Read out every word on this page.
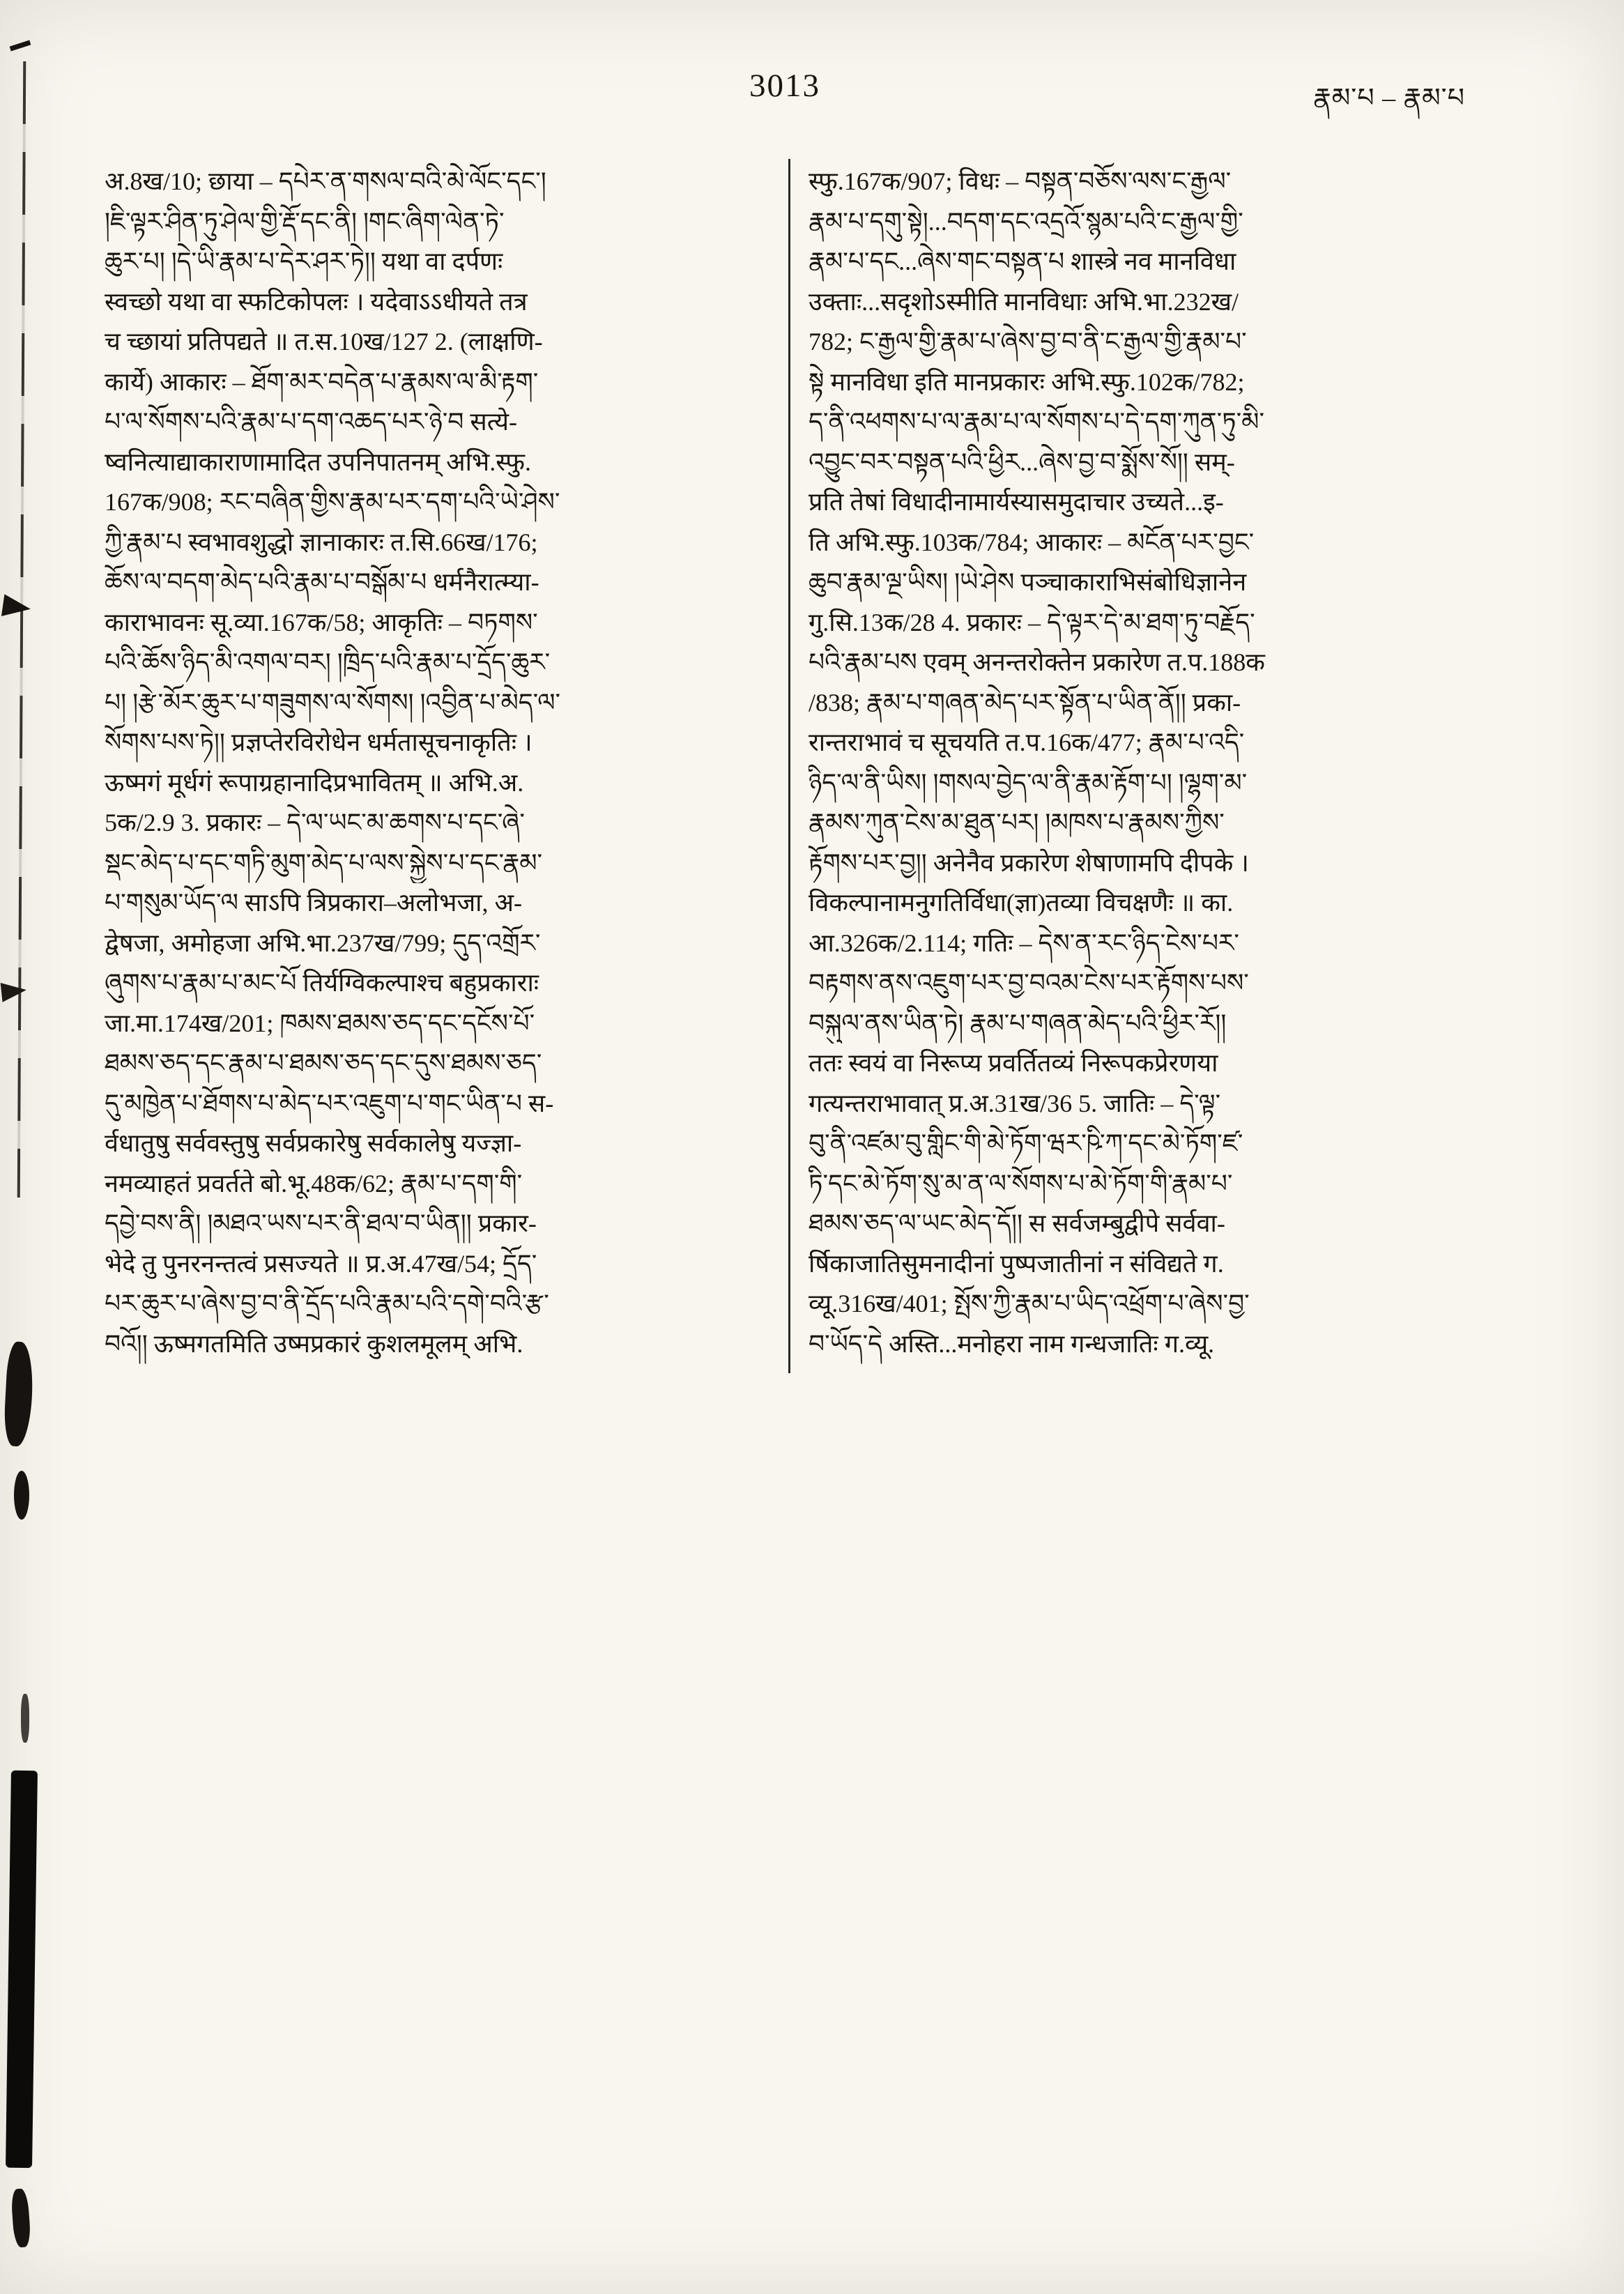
3013	རྣམ་པ – རྣམ་པ
अ.8ख/10; छाया – དཔེར་ན་གསལ་བའི་མེ་ལོང་དང་།
།ཇི་ལྟར་ཤིན་ཏུ་ཤེལ་གྱི་རྡོ་དང་ནི། །གང་ཞིག་ལེན་ཏེ་
ཆུར་པ། །དེ་ཡི་རྣམ་པ་དེར་ཤར་ཏེ།། यथा वा दर्पणः
स्वच्छो यथा वा स्फटिकोपलः । यदेवाऽऽधीयते तत्र
च च्छायां प्रतिपद्यते ॥ त.स.10ख/127 2. (लाक्षणि-
कार्ये) आकारः – ཐོག་མར་བདེན་པ་རྣམས་ལ་མི་རྟག་
པ་ལ་སོགས་པའི་རྣམ་པ་དག་འཆད་པར་ཉེ་བ सत्ये-
ष्वनित्याद्याकाराणामादित उपनिपातनम् अभि.स्फु.
167क/908; རང་བཞིན་གྱིས་རྣམ་པར་དག་པའི་ཡེ་ཤེས་
ཀྱི་རྣམ་པ स्वभावशुद्धो ज्ञानाकारः त.सि.66ख/176;
ཆོས་ལ་བདག་མེད་པའི་རྣམ་པ་བསྒོམ་པ धर्मनैरात्म्या-
काराभावनः सू.व्या.167क/58; आकृतिः – བཏགས་
པའི་ཆོས་ཉིད་མི་འགལ་བར། །ཁྲིད་པའི་རྣམ་པ་དྲོད་ཆུར་
པ། །རྩེ་མོར་ཆུར་པ་གཟུགས་ལ་སོགས། །འབྱིན་པ་མེད་ལ་
སོགས་པས་ཏེ།། प्रज्ञप्तेरविरोधेन धर्मतासूचनाकृतिः ।
ऊष्मगं मूर्धगं रूपाग्रहानादिप्रभावितम् ॥ अभि.अ.
5क/2.9 3. प्रकारः – དེ་ལ་ཡང་མ་ཆགས་པ་དང་ཞེ་
སྡང་མེད་པ་དང་གཏི་མུག་མེད་པ་ལས་སྐྱེས་པ་དང་རྣམ་
པ་གསུམ་ཡོད་ལ साऽपि त्रिप्रकारा–अलोभजा, अ-
द्वेषजा, अमोहजा अभि.भा.237ख/799; དུད་འགྲོར་
ཞུགས་པ་རྣམ་པ་མང་པོ तिर्यग्विकल्पाश्च बहुप्रकाराः
जा.मा.174ख/201; ཁམས་ཐམས་ཅད་དང་དངོས་པོ་
ཐམས་ཅད་དང་རྣམ་པ་ཐམས་ཅད་དང་དུས་ཐམས་ཅད་
དུ་མཁྱེན་པ་ཐོགས་པ་མེད་པར་འཇུག་པ་གང་ཡིན་པ स-
र्वधातुषु सर्ववस्तुषु सर्वप्रकारेषु सर्वकालेषु यज्ज्ञा-
नमव्याहतं प्रवर्तते बो.भू.48क/62; རྣམ་པ་དག་གི་
དབྱེ་བས་ནི། །མཐའ་ཡས་པར་ནི་ཐལ་བ་ཡིན།། प्रकार-
भेदे तु पुनरनन्तत्वं प्रसज्यते ॥ प्र.अ.47ख/54; དྲོད་
པར་ཆུར་པ་ཞེས་བྱ་བ་ནི་དྲོད་པའི་རྣམ་པའི་དགེ་བའི་རྩ་
བའོ།། ऊष्मगतमिति उष्मप्रकारं कुशलमूलम् अभि.
स्फु.167क/907; विधः – བསྟན་བཅོས་ལས་ང་རྒྱལ་
རྣམ་པ་དགུ་སྟེ།...བདག་དང་འདྲའོ་སྙམ་པའི་ང་རྒྱལ་གྱི་
རྣམ་པ་དང...ཞེས་གང་བསྟན་པ शास्त्रे नव मानविधा
उक्ताः...सदृशोऽस्मीति मानविधाः अभि.भा.232ख/
782; ང་རྒྱལ་གྱི་རྣམ་པ་ཞེས་བྱ་བ་ནི་ང་རྒྱལ་གྱི་རྣམ་པ་
སྟེ मानविधा इति मानप्रकारः अभि.स्फु.102क/782;
ད་ནི་འཕགས་པ་ལ་རྣམ་པ་ལ་སོགས་པ་དེ་དག་ཀུན་ཏུ་མི་
འབྱུང་བར་བསྟན་པའི་ཕྱིར...ཞེས་བྱ་བ་སྨོས་སོ།། सम्-
प्रति तेषां विधादीनामार्यस्यासमुदाचार उच्यते...इ-
ति अभि.स्फु.103क/784; आकारः – མངོན་པར་བྱང་
ཆུབ་རྣམ་ལྔ་ཡིས། །ཡེ་ཤེས पञ्चाकाराभिसंबोधिज्ञानेन
गु.सि.13क/28 4. प्रकारः – དེ་ལྟར་དེ་མ་ཐག་ཏུ་བརྗོད་
པའི་རྣམ་པས एवम् अनन्तरोक्तेन प्रकारेण त.प.188क
/838; རྣམ་པ་གཞན་མེད་པར་སྟོན་པ་ཡིན་ནོ།། प्रका-
रान्तराभावं च सूचयति त.प.16क/477; རྣམ་པ་འདི་
ཉིད་ལ་ནི་ཡིས། །གསལ་བྱེད་ལ་ནི་རྣམ་རྟོག་པ། །ལྷག་མ་
རྣམས་ཀུན་ངེས་མ་ཐུན་པར། །མཁས་པ་རྣམས་ཀྱིས་
རྟོགས་པར་བྱ།། अनेनैव प्रकारेण शेषाणामपि दीपके ।
विकल्पानामनुगतिर्विधा(ज्ञा)तव्या विचक्षणैः ॥ का.
आ.326क/2.114; गतिः – དེས་ན་རང་ཉིད་ངེས་པར་
བརྟགས་ནས་འཇུག་པར་བྱ་བའམ་ངེས་པར་རྟོགས་པས་
བསྐུལ་ནས་ཡིན་ཏེ། རྣམ་པ་གཞན་མེད་པའི་ཕྱིར་རོ།།
ततः स्वयं वा निरूप्य प्रवर्तितव्यं निरूपकप्रेरणया
गत्यन्तराभावात् प्र.अ.31ख/36 5. जातिः – དེ་ལྟ་
བུ་ནི་འཛམ་བུ་གླིང་གི་མེ་ཏོག་ཝར་ཥི་ཀ་དང་མེ་ཏོག་ཛ་
ཏི་དང་མེ་ཏོག་སུ་མ་ན་ལ་སོགས་པ་མེ་ཏོག་གི་རྣམ་པ་
ཐམས་ཅད་ལ་ཡང་མེད་དོ།། स सर्वजम्बुद्वीपे सर्ववा-
र्षिकाजातिसुमनादीनां पुष्पजातीनां न संविद्यते ग.
व्यू.316ख/401; སྤོས་ཀྱི་རྣམ་པ་ཡིད་འཕྲོག་པ་ཞེས་བྱ་
བ་ཡོད་དེ अस्ति...मनोहरा नाम गन्धजातिः ग.व्यू.
